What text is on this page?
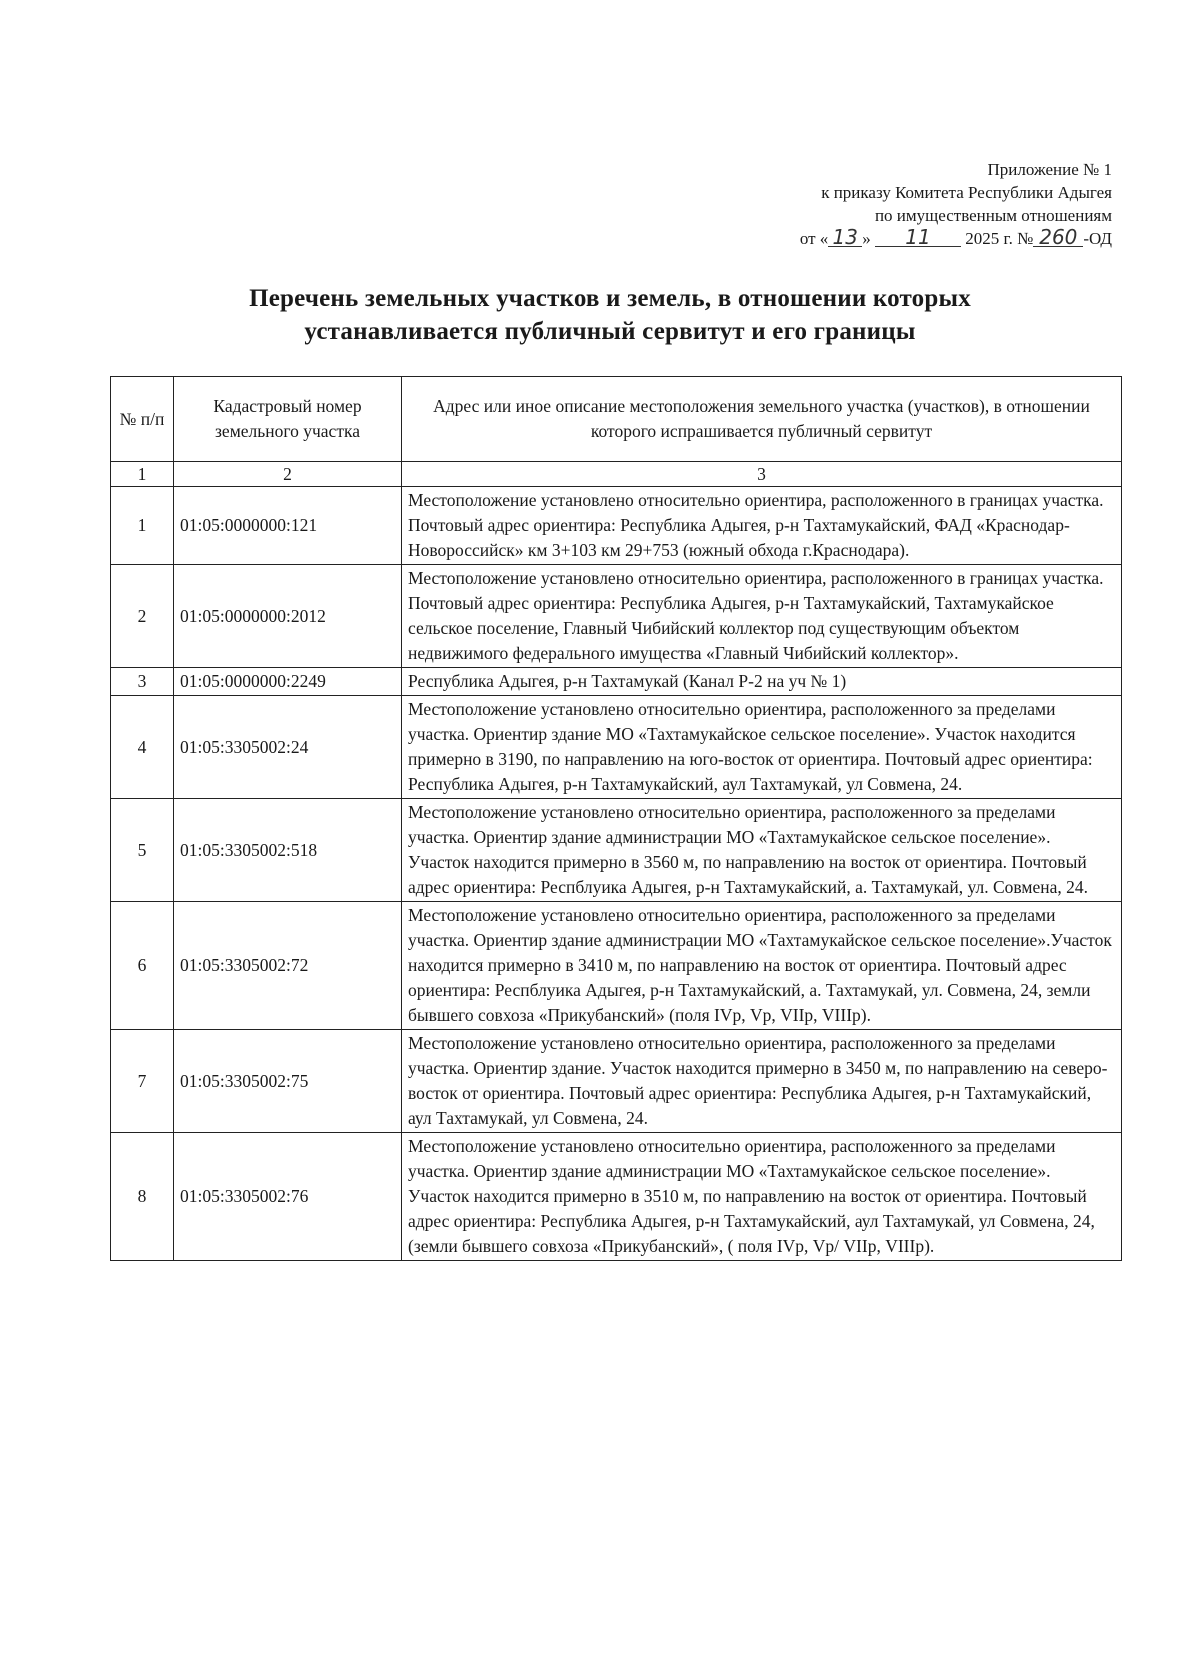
Приложение № 1
к приказу Комитета Республики Адыгея
по имущественным отношениям
от « 13 » 11 2025 г. № 260 -ОД
Перечень земельных участков и земель, в отношении которых
устанавливается публичный сервитут и его границы
№ п/п	Кадастровый номер земельного участка	Адрес или иное описание местоположения земельного участка (участков), в отношении которого испрашивается публичный сервитут
1	2	3
1	01:05:0000000:121	Местоположение установлено относительно ориентира, расположенного в границах участка. Почтовый адрес ориентира: Республика Адыгея, р-н Тахтамукайский, ФАД «Краснодар-Новороссийск» км 3+103 км 29+753 (южный обхода г.Краснодара).
2	01:05:0000000:2012	Местоположение установлено относительно ориентира, расположенного в границах участка. Почтовый адрес ориентира: Республика Адыгея, р-н Тахтамукайский, Тахтамукайское сельское поселение, Главный Чибийский коллектор под существующим объектом недвижимого федерального имущества «Главный Чибийский коллектор».
3	01:05:0000000:2249	Республика Адыгея, р-н Тахтамукай (Канал Р-2 на уч № 1)
4	01:05:3305002:24	Местоположение установлено относительно ориентира, расположенного за пределами участка. Ориентир здание МО «Тахтамукайское сельское поселение». Участок находится примерно в 3190, по направлению на юго-восток от ориентира. Почтовый адрес ориентира: Республика Адыгея, р-н Тахтамукайский, аул Тахтамукай, ул Совмена, 24.
5	01:05:3305002:518	Местоположение установлено относительно ориентира, расположенного за пределами участка. Ориентир здание администрации МО «Тахтамукайское сельское поселение». Участок находится примерно в 3560 м, по направлению на восток от ориентира. Почтовый адрес ориентира: Респблуика Адыгея, р-н Тахтамукайский, а. Тахтамукай, ул. Совмена, 24.
6	01:05:3305002:72	Местоположение установлено относительно ориентира, расположенного за пределами участка. Ориентир здание администрации МО «Тахтамукайское сельское поселение».Участок находится примерно в 3410 м, по направлению на восток от ориентира. Почтовый адрес ориентира: Респблуика Адыгея, р-н Тахтамукайский, а. Тахтамукай, ул. Совмена, 24, земли бывшего совхоза «Прикубанский» (поля IVр, Vр, VIIр, VIIIр).
7	01:05:3305002:75	Местоположение установлено относительно ориентира, расположенного за пределами участка. Ориентир здание. Участок находится примерно в 3450 м, по направлению на северо-восток от ориентира. Почтовый адрес ориентира: Республика Адыгея, р-н Тахтамукайский, аул Тахтамукай, ул Совмена, 24.
8	01:05:3305002:76	Местоположение установлено относительно ориентира, расположенного за пределами участка. Ориентир здание администрации МО «Тахтамукайское сельское поселение». Участок находится примерно в 3510 м, по направлению на восток от ориентира. Почтовый адрес ориентира: Республика Адыгея, р-н Тахтамукайский, аул Тахтамукай, ул Совмена, 24, (земли бывшего совхоза «Прикубанский», ( поля IVр, Vр/ VIIр, VIIIр).
